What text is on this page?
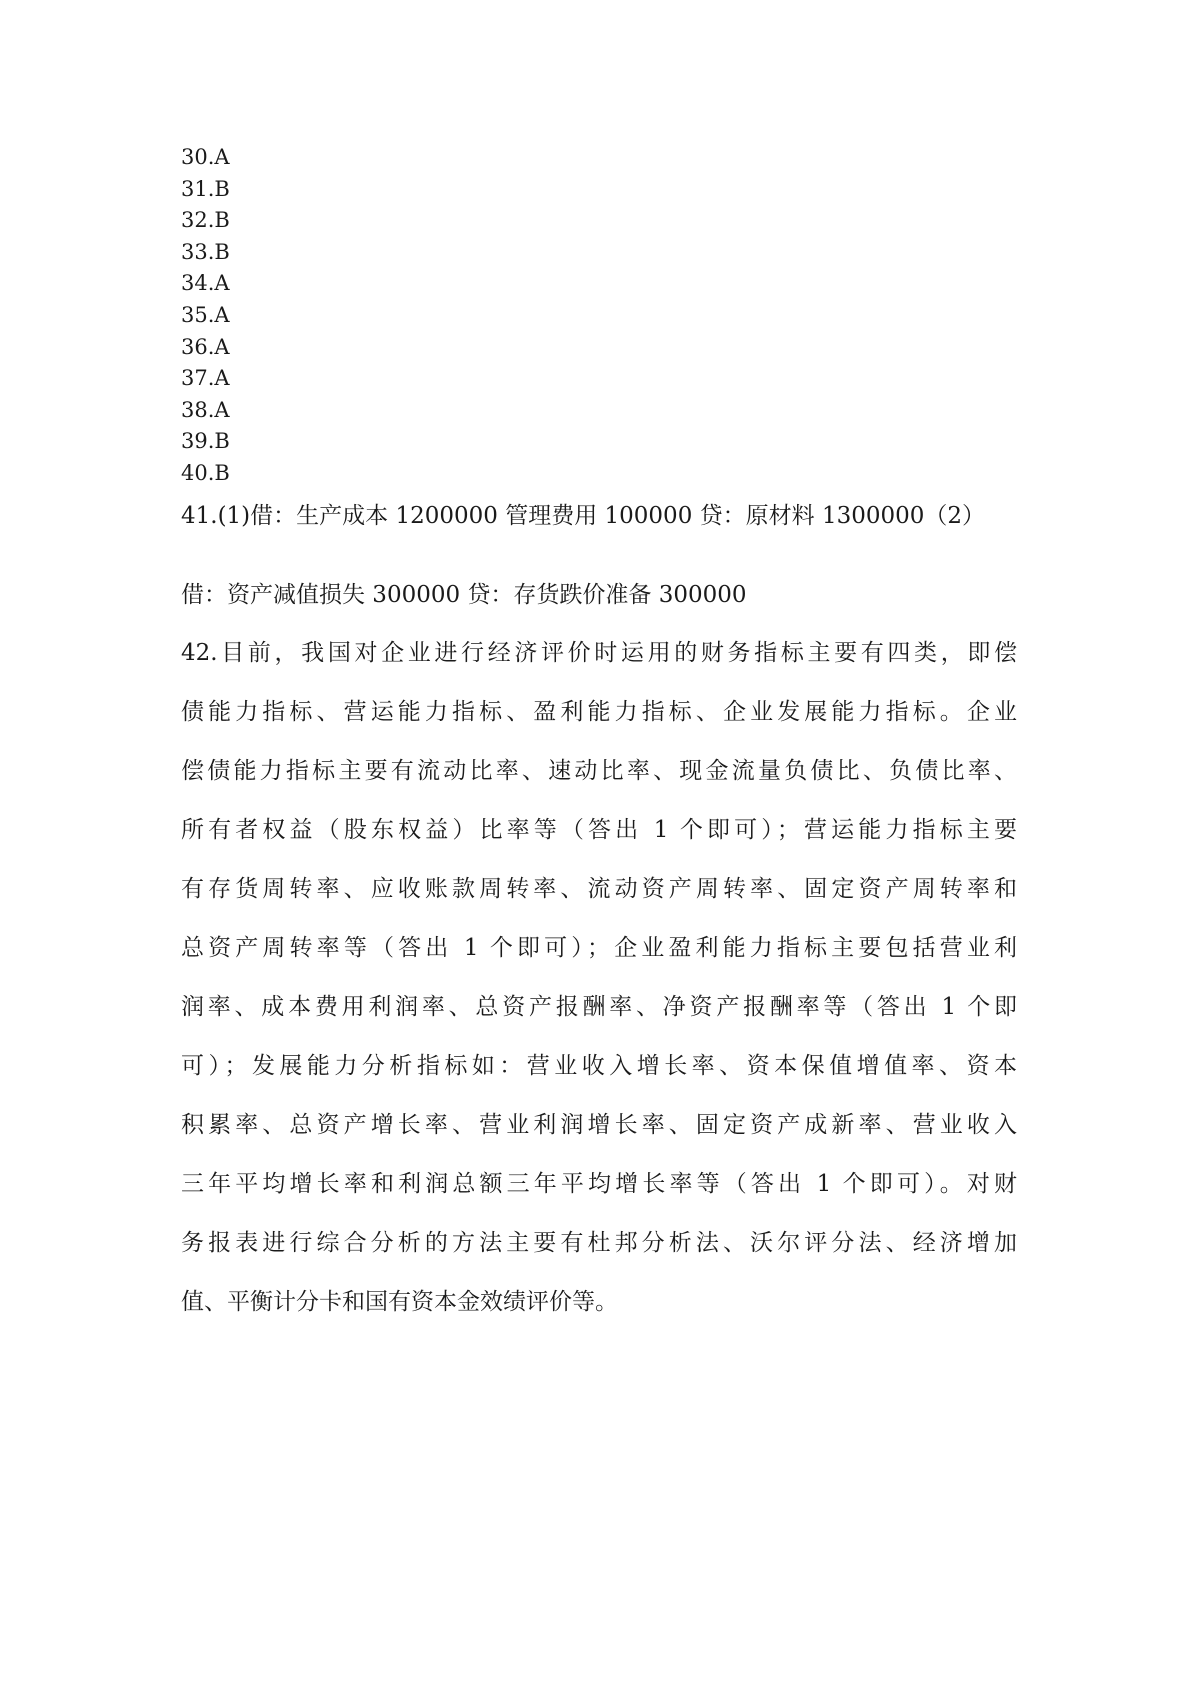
30.A
31.B
32.B
33.B
34.A
35.A
36.A
37.A
38.A
39.B
40.B
41.(1)借：生产成本 1200000 管理费用 100000 贷：原材料 1300000（2）
借：资产减值损失 300000 贷：存货跌价准备 300000
42.目前，我国对企业进行经济评价时运用的财务指标主要有四类，即偿
债能力指标、营运能力指标、盈利能力指标、企业发展能力指标。企业
偿债能力指标主要有流动比率、速动比率、现金流量负债比、负债比率、
所有者权益（股东权益）比率等（答出 1 个即可）；营运能力指标主要
有存货周转率、应收账款周转率、流动资产周转率、固定资产周转率和
总资产周转率等（答出 1 个即可）；企业盈利能力指标主要包括营业利
润率、成本费用利润率、总资产报酬率、净资产报酬率等（答出 1 个即
可）；发展能力分析指标如：营业收入增长率、资本保值增值率、资本
积累率、总资产增长率、营业利润增长率、固定资产成新率、营业收入
三年平均增长率和利润总额三年平均增长率等（答出 1 个即可）。对财
务报表进行综合分析的方法主要有杜邦分析法、沃尔评分法、经济增加
值、平衡计分卡和国有资本金效绩评价等。
